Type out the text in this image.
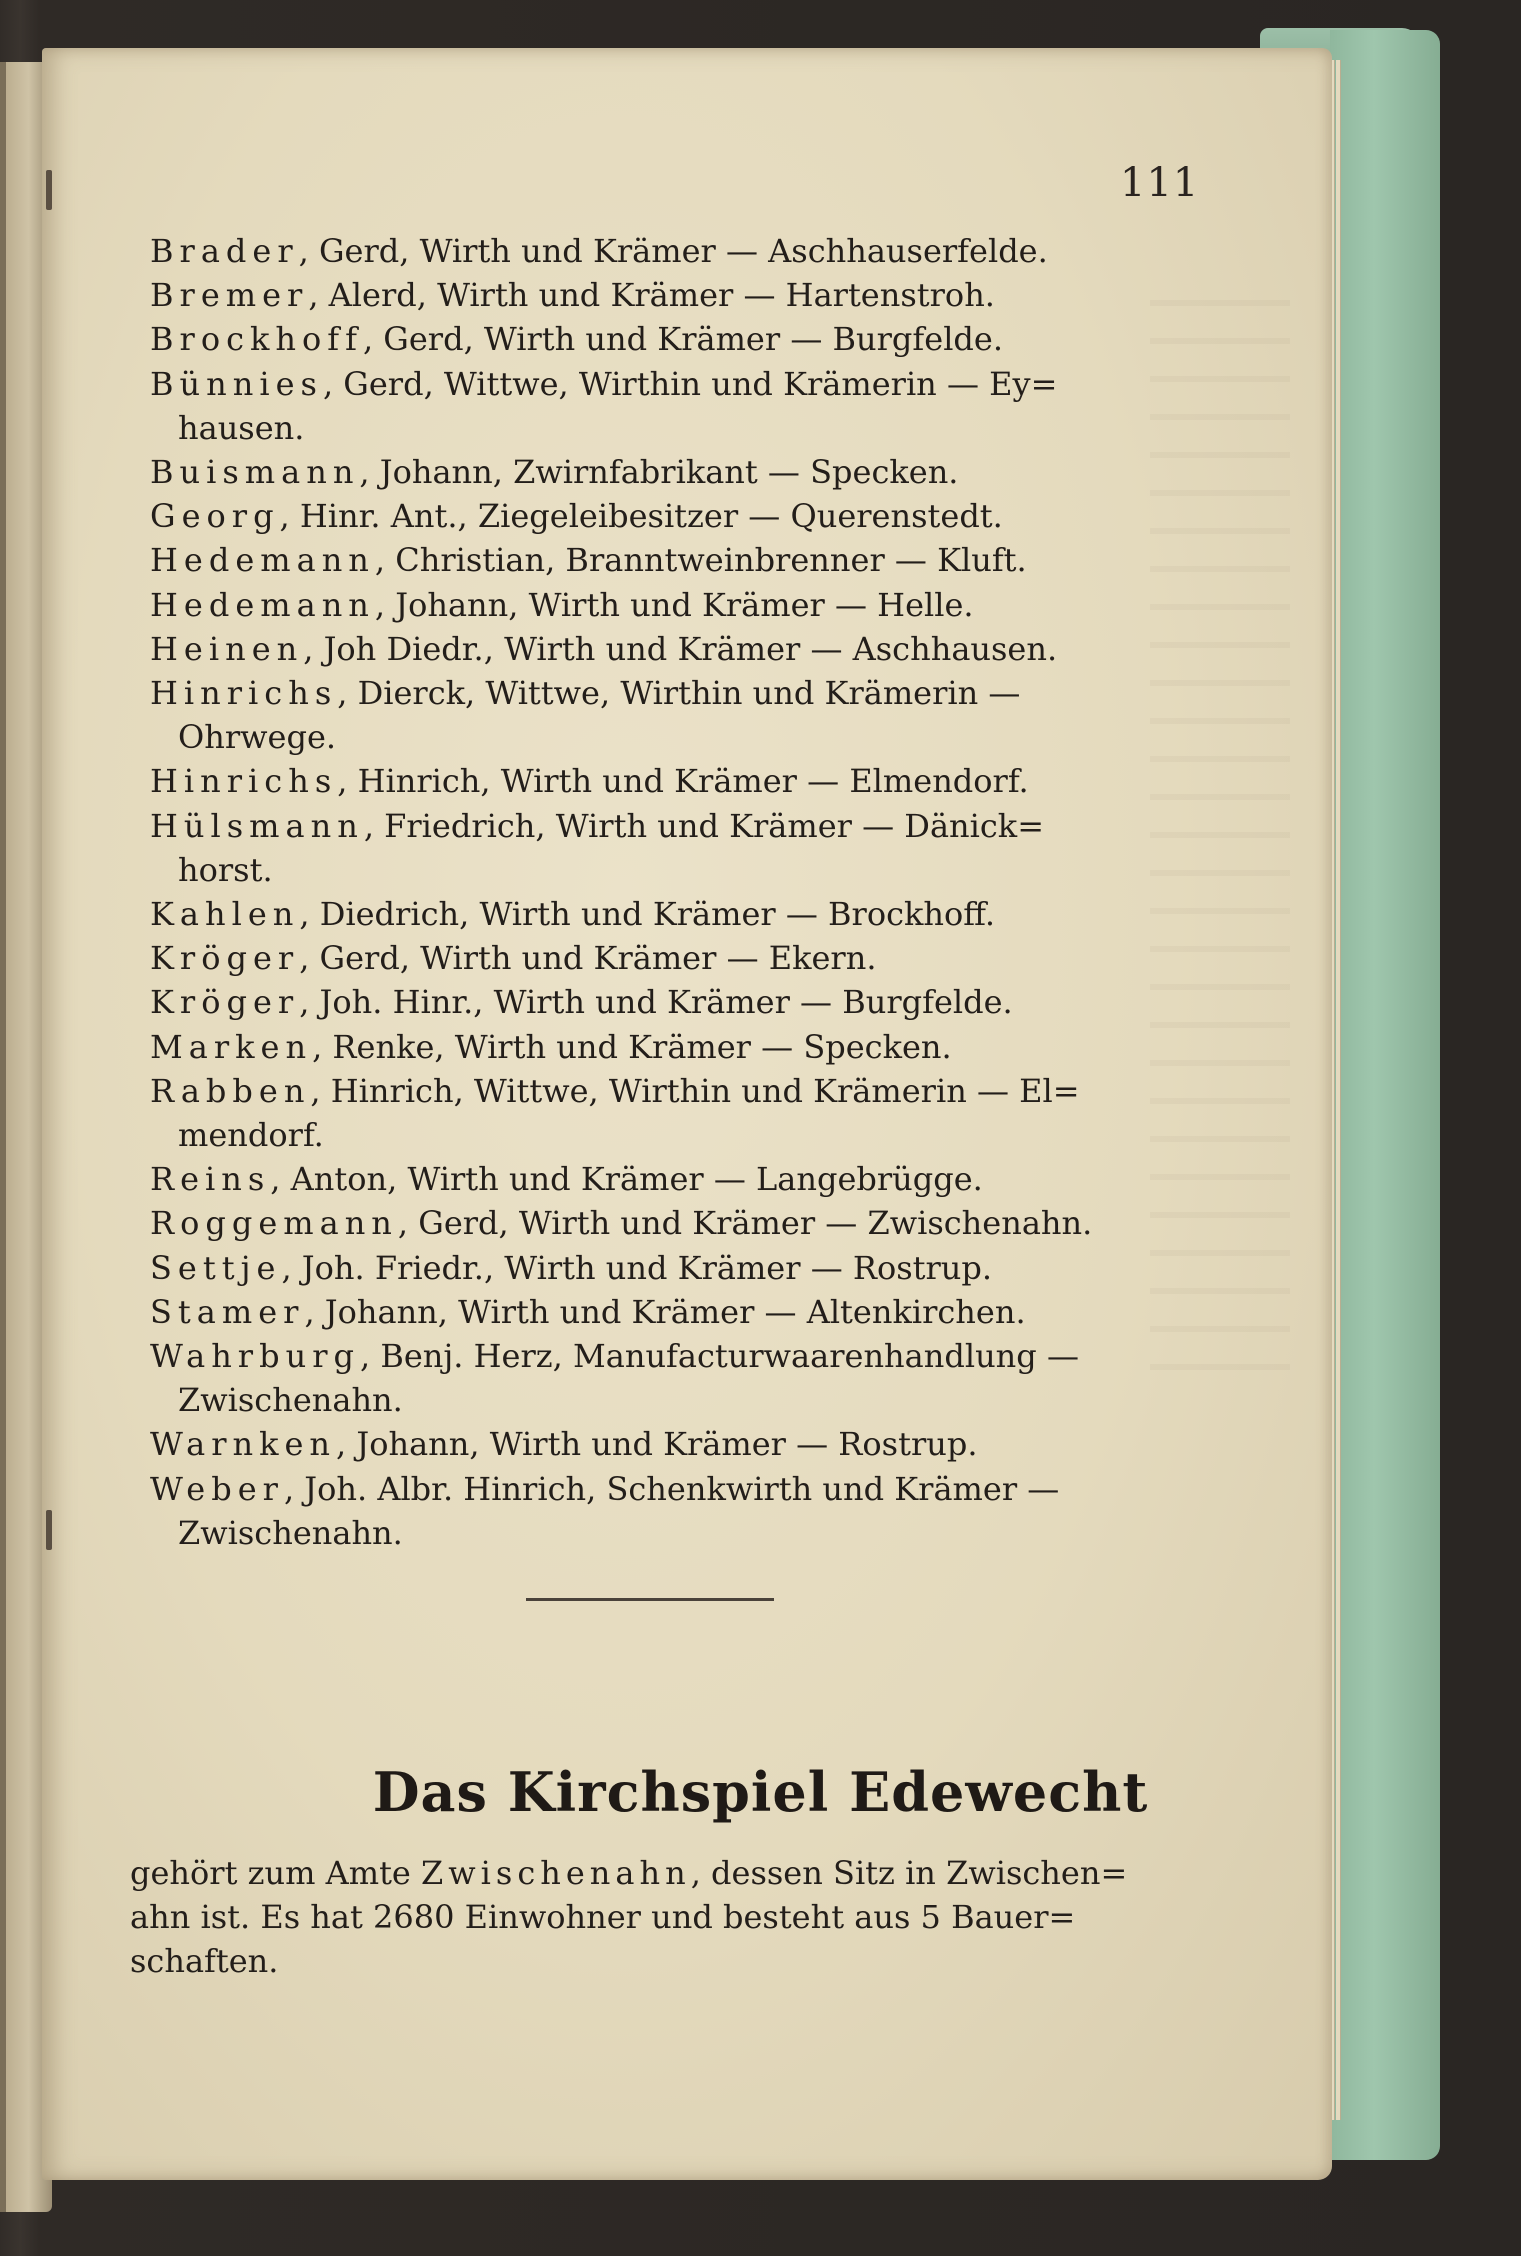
111
Brader, Gerd, Wirth und Krämer — Aschhauserfelde.
Bremer, Alerd, Wirth und Krämer — Hartenstroh.
Brockhoff, Gerd, Wirth und Krämer — Burgfelde.
Bünnies, Gerd, Wittwe, Wirthin und Krämerin — Ey=
hausen.
Buismann, Johann, Zwirnfabrikant — Specken.
Georg, Hinr. Ant., Ziegeleibesitzer — Querenstedt.
Hedemann, Christian, Branntweinbrenner — Kluft.
Hedemann, Johann, Wirth und Krämer — Helle.
Heinen, Joh Diedr., Wirth und Krämer — Aschhausen.
Hinrichs, Dierck, Wittwe, Wirthin und Krämerin —
Ohrwege.
Hinrichs, Hinrich, Wirth und Krämer — Elmendorf.
Hülsmann, Friedrich, Wirth und Krämer — Dänick=
horst.
Kahlen, Diedrich, Wirth und Krämer — Brockhoff.
Kröger, Gerd, Wirth und Krämer — Ekern.
Kröger, Joh. Hinr., Wirth und Krämer — Burgfelde.
Marken, Renke, Wirth und Krämer — Specken.
Rabben, Hinrich, Wittwe, Wirthin und Krämerin — El=
mendorf.
Reins, Anton, Wirth und Krämer — Langebrügge.
Roggemann, Gerd, Wirth und Krämer — Zwischenahn.
Settje, Joh. Friedr., Wirth und Krämer — Rostrup.
Stamer, Johann, Wirth und Krämer — Altenkirchen.
Wahrburg, Benj. Herz, Manufacturwaarenhandlung —
Zwischenahn.
Warnken, Johann, Wirth und Krämer — Rostrup.
Weber, Joh. Albr. Hinrich, Schenkwirth und Krämer —
Zwischenahn.
Das Kirchspiel Edewecht
gehört zum Amte Zwischenahn, dessen Sitz in Zwischen=
ahn ist. Es hat 2680 Einwohner und besteht aus 5 Bauer=
schaften.
